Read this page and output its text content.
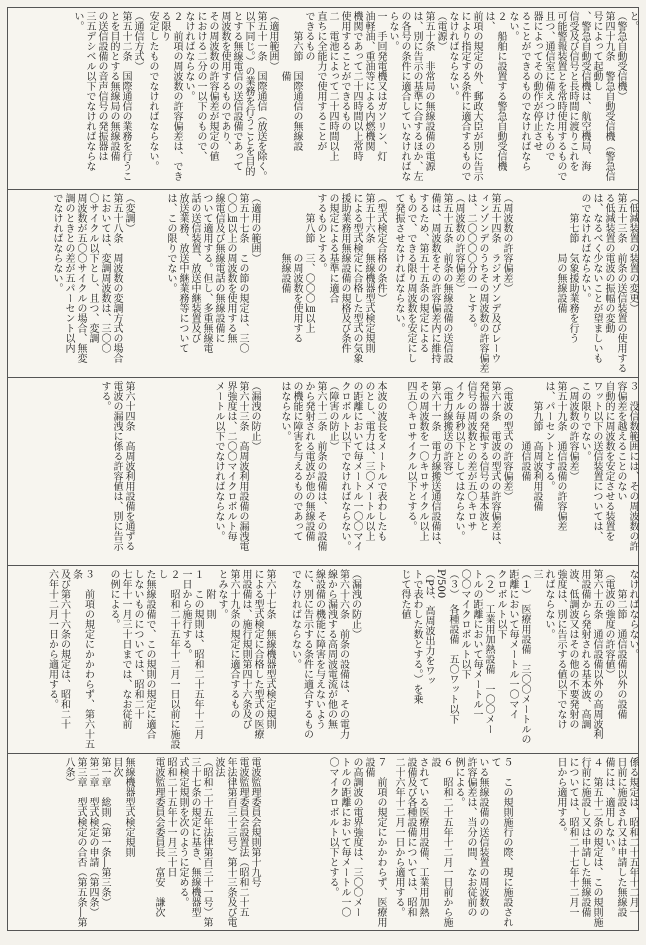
と。
（警急自動受信機）
第四十九条　警急自動受信機（警急信号によって起動し
、警急自動受信機は、航空機局、海
信受及び信号と長時間に渡りこれを
可能警報装置とを常時使用するもので
且つ、通信室に備えつけたもので
器によってその動作が停止させ
ることができるものでなければなら
ない。
２　船舶に設置する警急自動受信機は、
前項の規定の外、郵政大臣が別に告示
により指定する条件に適合するもので
なければならない。
（電源）
第五十条　非常局の無線設備の電源
は、別に告示の基準に合するほか、左
の各号の条件に適合していなければな
らない。
一　手回発電機又はガソリン、灯
油軽油、重油等による内燃機関
機関であって二十四時間以上常時
使用することができるもの
二　電池によって二十四時間以上
直ちに全能力で使用することが
できるもの
　　第六節　国際通信の無線設
　　　　　　備
（適用範囲）
第五十一条　国際通信（放送を除く。
以下同じ。）の業務を行うことを目的
とする無線電信の送信設備であって
周波数を使用するものであり、
その周波数の許容偏差が規定の値
における二分の一以下のもので、
なければならない。
２　前項の周波数の許容偏差は、できる限り
安定したものでなければならない。
（通信方式）
第五十二条　国際通信の業務を行うこ
とを目的とする無線局の無線設備
の送信設備の音声信号の発振器は
三五デシベル以下でなければならな
い。
（低減装置の装置の変更）
第五十三条　前条の送信装置の使用する
る低減装置の電波の振幅の変動
は、なるべく少ないことが望ましいも
のでなければならない。
　　第七節　気象援助業務を行う
　　　　　　局の無線設備
（周波数の許容偏差）
第五十四条　ラジオゾンデ及びレーウ
ィンゾンデのうちその周波数の許容偏差
は、二〇〇〇〇分の一とする。
（周波数の許容偏差）
第五十五条　前条の無線設備の送信設
備は、周波数をその許容偏差内に維持
するため、第五十五条の規定による
もので、できる限り周波数を安定にし
て発振させなければならない。
（型式検定合格の条件）
第五十六条　無線機器型式検定規則
による型式検定に合格した型式の気象
援助業務用無線設備の規格及び条件
の規定による基準に適合
するものとする。
　　第八節　三、〇〇〇㎞以上
　　　　　　の周波数を使用する
　　　　　　無線設備
（適用の範囲）
第五十七条　この節の規定は、三〇
〇〇㎞以上の周波数を使用する無
線電信及び無線電話の無線設備に
ついて適用する。但し、多重無線電
話の送信装置、放送中継装置及び
放送業務、放送中継業務等について
は、この限りでない。
（変調）
第五十八条　周波数の変調方式の場合
においては、変調周波数は、三〇〇
〇サイクル以下とし、且つ、変調
周波数が五〇〇サイクルの場合、無変
調のときとの差が五パーセント以内
でなければならない。
３　没信数範囲には、その周波数の許
容偏差を越えることのない
自動的に周波数を安定させる装置を
ワット以下の送信装置については、
この限りでない。
（周波数の許容偏差）
第五十九条　通信設備の許容偏差
は、パーセントとする。
　　第九節　高周波利用設備
　　　　　　通信設備
（電波の型式の許容偏差）
第六十条　電波の型式の許容偏差は、
発振器の発振する信号の基本波と
信号の周波数との差が五〇キロサ
イクル毎秒以下としてはならない。
（電力線搬送の許容）
第六十一条　電力線搬送通信設備は、
その周波数を一〇キロサイクル以上
四五〇キロサイクル以下とする。
本波の波長をメートルで表わしたも
のとし、電力は、三〇メートル以上
の距離において毎メートル一〇〇マイ
クロボルト以下でなければならない。
（障害の防止）
第六十二条　前条の設備は、その設備
から発射される電波が他の無線設備
の機能に障害を与えるものであって
はならない。
（漏洩の防止）
第六十三条　高周波利用設備の漏洩電
界強度は、二〇〇マイクロボルト毎
メートル以下でなければならない。
第六十四条　高周波利用設備を通ずる
電波の漏洩に係る許容値は、別に告示
する。
なければならない。
　　第二節　通信設備以外の設備
（電波の強度の許容値）
第六十五条　通信設備以外の高周波利
用設備から発射される基本波、高調
波、低調波又はその他の不要発射の
強度は、別に告示する値以下でなけ
ればならない。
三
（１）　医療用設備　三〇〇メートルの
距離において毎メートル一〇マイ
クロボルト以下
（２）　工業用加熱設備　一〇〇メー
トルの距離において毎メートル一
〇〇マイクロボルト以下
（３）　各種設備　五〇ワット以下
P/500
（Pは、高周波出力をワッ
トで表わした数とする。）を乗
じて得た値
（漏洩の防止）
第六十六条　前条の設備は、その電力
線から漏洩する高周波電流が他の無
線設備の機能に障害を与えないよう
に、別に告示する条件に適合するもの
でなければならない。
第六十七条　無線機器型式検定規則
による型式検定に合格した型式の医療
用設備は、施行規則第四十六条及び
第六十九条の規定に適合するもの
とみなす。
　　附　則
１　この規則は、昭和二十五年十二月
一日から施行する。
２　昭和二十五年十二月一日以前に施設し
た無線設備で、この規則の規定に適合
しないものについては、昭和二十
七年十一月三十日までは、なお従前
の例による。
３　前項の規定にかかわらず、第六十五条
及び第六十六条の規定は、昭和二十
六年十二月一日から適用する。
係る規定は、昭和二十五年十二月一
日前に施設され又は申請した無線設
備には、適用しない。
４　第五十二条の規定は、この規則施
行前に施設し又は申請した無線設備
については、昭和二十七年十二月一
日から適用する。
５　この規則施行の際、現に施設されて
いる無線設備の送信装置の周波数の
許容偏差は、当分の間、なお従前の
例による。
６　昭和二十五年十二月一日前から施設
されている医療用設備、工業用加熱
設備及び各種設備については、昭和
二十六年十二月一日から適用する。
７　前項の規定にかかわらず、医療用設備
の高調波の電界強度は、三〇〇メー
トルの距離において毎メートル一〇
〇マイクロボルト以下とする。
電波監理委員会規則第十九号
電波監理委員会設置法（昭和二十五
年法律第百三十三号）第十三条及び電波法
（昭和二十五年法律第百三十一号）第
三十七条の規定に基き、無線機器型
式検定規則を次のように定める。
昭和二十五年十一月三十日
電波監理委員会委員長　富安　謙次
無線機器型式検定規則
目次
第一章　総則（第一条―第三条）
第二章　型式検定の申請（第四条）
第三章　型式検定の合否（第五条―第八条）
